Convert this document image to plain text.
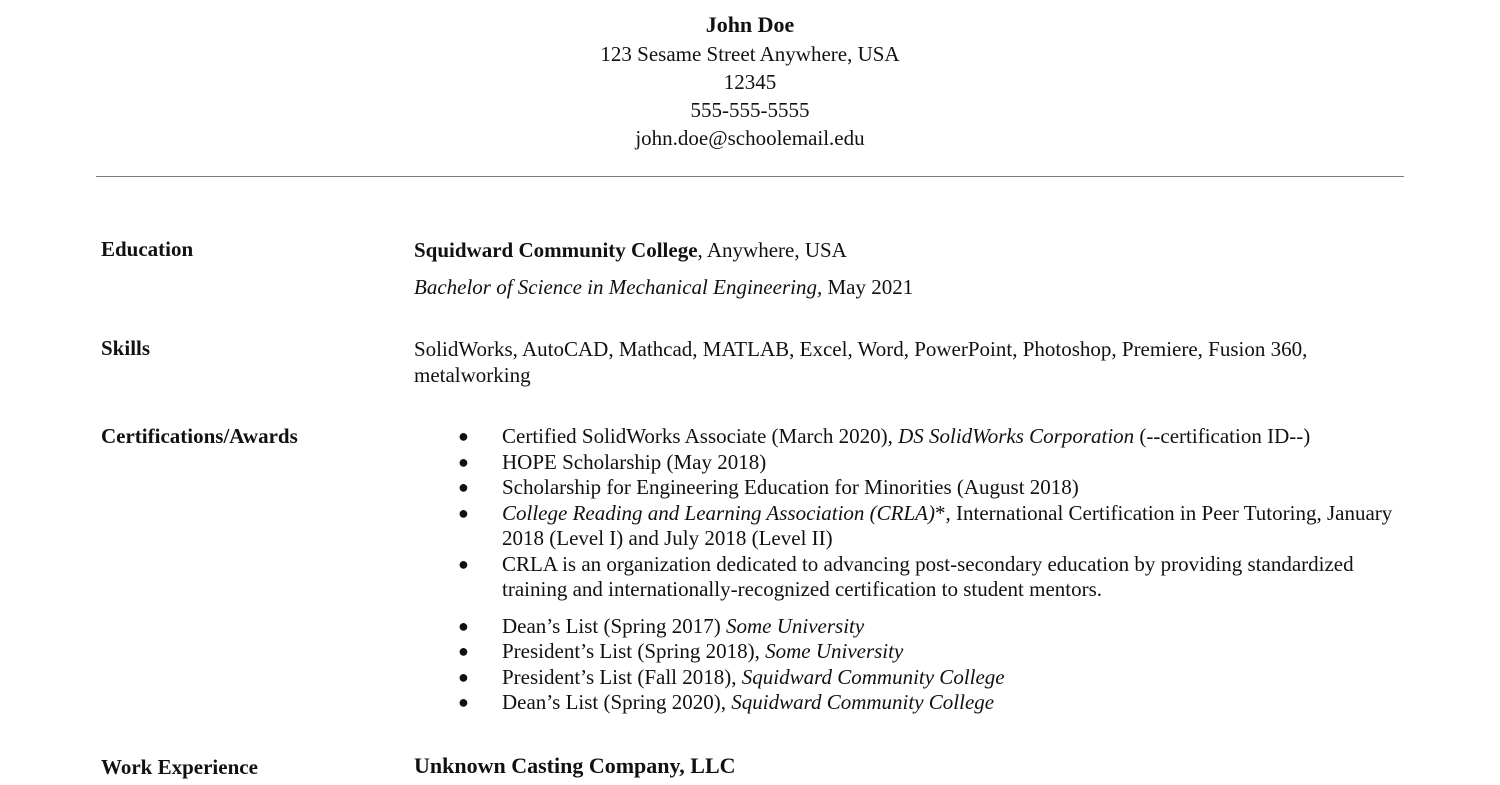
John Doe
123 Sesame Street Anywhere, USA
12345
555-555-5555
john.doe@schoolemail.edu
Education	Squidward Community College, Anywhere, USA
Bachelor of Science in Mechanical Engineering, May 2021
Skills	SolidWorks, AutoCAD, Mathcad, MATLAB, Excel, Word, PowerPoint, Photoshop, Premiere, Fusion 360,
metalworking
Certifications/Awards	● Certified SolidWorks Associate (March 2020), DS SolidWorks Corporation (--certification ID--)
● HOPE Scholarship (May 2018)
● Scholarship for Engineering Education for Minorities (August 2018)
● College Reading and Learning Association (CRLA)*, International Certification in Peer Tutoring, January 2018 (Level I) and July 2018 (Level II)
● CRLA is an organization dedicated to advancing post-secondary education by providing standardized training and internationally-recognized certification to student mentors.
● Dean’s List (Spring 2017) Some University
● President’s List (Spring 2018), Some University
● President’s List (Fall 2018), Squidward Community College
● Dean’s List (Spring 2020), Squidward Community College
Work Experience	Unknown Casting Company, LLC
